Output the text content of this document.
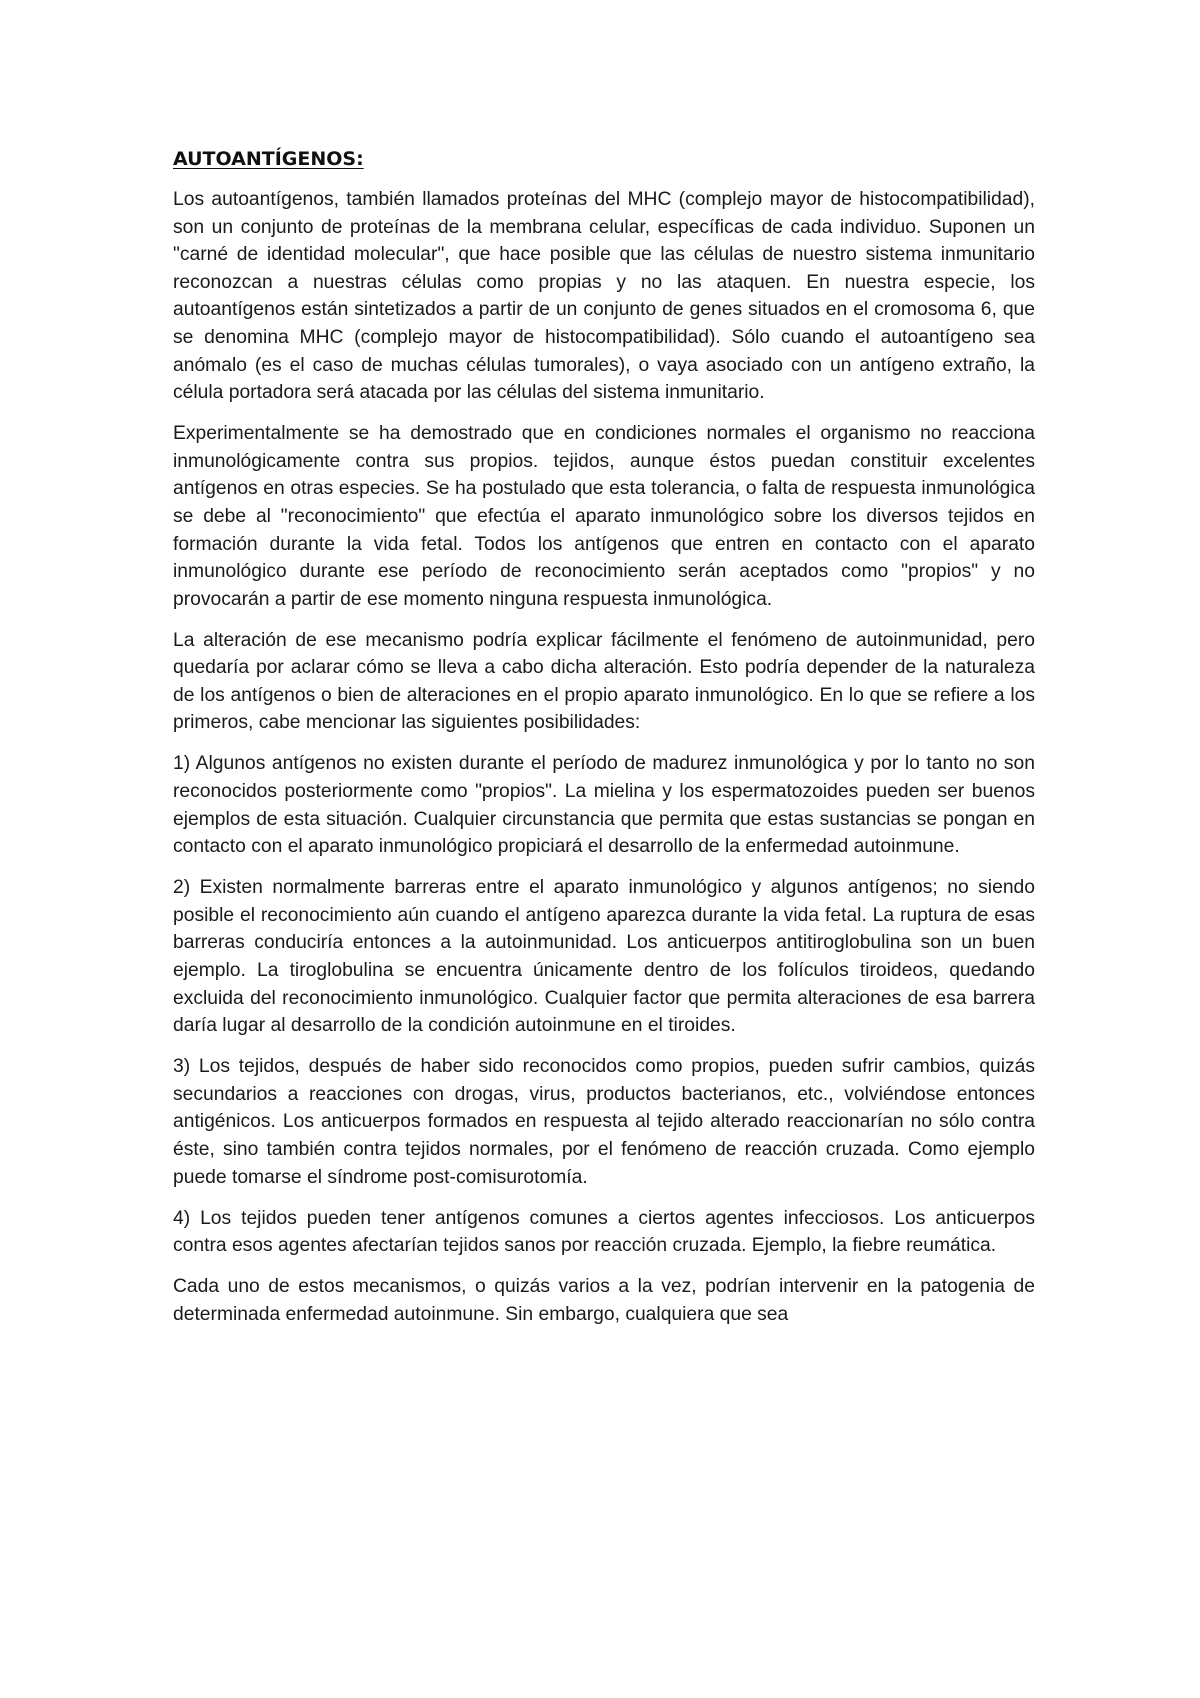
AUTOANTÍGENOS:

Los autoantígenos, también llamados proteínas del MHC (complejo mayor de histocompatibilidad), son un conjunto de proteínas de la membrana celular, específicas de cada individuo. Suponen un "carné de identidad molecular", que hace posible que las células de nuestro sistema inmunitario reconozcan a nuestras células como propias y no las ataquen. En nuestra especie, los autoantígenos están sintetizados a partir de un conjunto de genes situados en el cromosoma 6, que se denomina MHC (complejo mayor de histocompatibilidad). Sólo cuando el autoantígeno sea anómalo (es el caso de muchas células tumorales), o vaya asociado con un antígeno extraño, la célula portadora será atacada por las células del sistema inmunitario.

Experimentalmente se ha demostrado que en condiciones normales el organismo no reacciona inmunológicamente contra sus propios. tejidos, aunque éstos puedan constituir excelentes antígenos en otras especies. Se ha postulado que esta tolerancia, o falta de respuesta inmunológica se debe al "reconocimiento" que efectúa el aparato inmunológico sobre los diversos tejidos en formación durante la vida fetal. Todos los antígenos que entren en contacto con el aparato inmunológico durante ese período de reconocimiento serán aceptados como "propios" y no provocarán a partir de ese momento ninguna respuesta inmunológica.

La alteración de ese mecanismo podría explicar fácilmente el fenómeno de autoinmunidad, pero quedaría por aclarar cómo se lleva a cabo dicha alteración. Esto podría depender de la naturaleza de los antígenos o bien de alteraciones en el propio aparato inmunológico. En lo que se refiere a los primeros, cabe mencionar las siguientes posibilidades:

1) Algunos antígenos no existen durante el período de madurez inmunológica y por lo tanto no son reconocidos posteriormente como "propios". La mielina y los espermatozoides pueden ser buenos ejemplos de esta situación. Cualquier circunstancia que permita que estas sustancias se pongan en contacto con el aparato inmunológico propiciará el desarrollo de la enfermedad autoinmune.

2) Existen normalmente barreras entre el aparato inmunológico y algunos antígenos; no siendo posible el reconocimiento aún cuando el antígeno aparezca durante la vida fetal. La ruptura de esas barreras conduciría entonces a la autoinmunidad. Los anticuerpos antitiroglobulina son un buen ejemplo. La tiroglobulina se encuentra únicamente dentro de los folículos tiroideos, quedando excluida del reconocimiento inmunológico. Cualquier factor que permita alteraciones de esa barrera daría lugar al desarrollo de la condición autoinmune en el tiroides.

3) Los tejidos, después de haber sido reconocidos como propios, pueden sufrir cambios, quizás secundarios a reacciones con drogas, virus, productos bacterianos, etc., volviéndose entonces antigénicos. Los anticuerpos formados en respuesta al tejido alterado reaccionarían no sólo contra éste, sino también contra tejidos normales, por el fenómeno de reacción cruzada. Como ejemplo puede tomarse el síndrome post-comisurotomía.

4) Los tejidos pueden tener antígenos comunes a ciertos agentes infecciosos. Los anticuerpos contra esos agentes afectarían tejidos sanos por reacción cruzada. Ejemplo, la fiebre reumática.

Cada uno de estos mecanismos, o quizás varios a la vez, podrían intervenir en la patogenia de determinada enfermedad autoinmune. Sin embargo, cualquiera que sea
